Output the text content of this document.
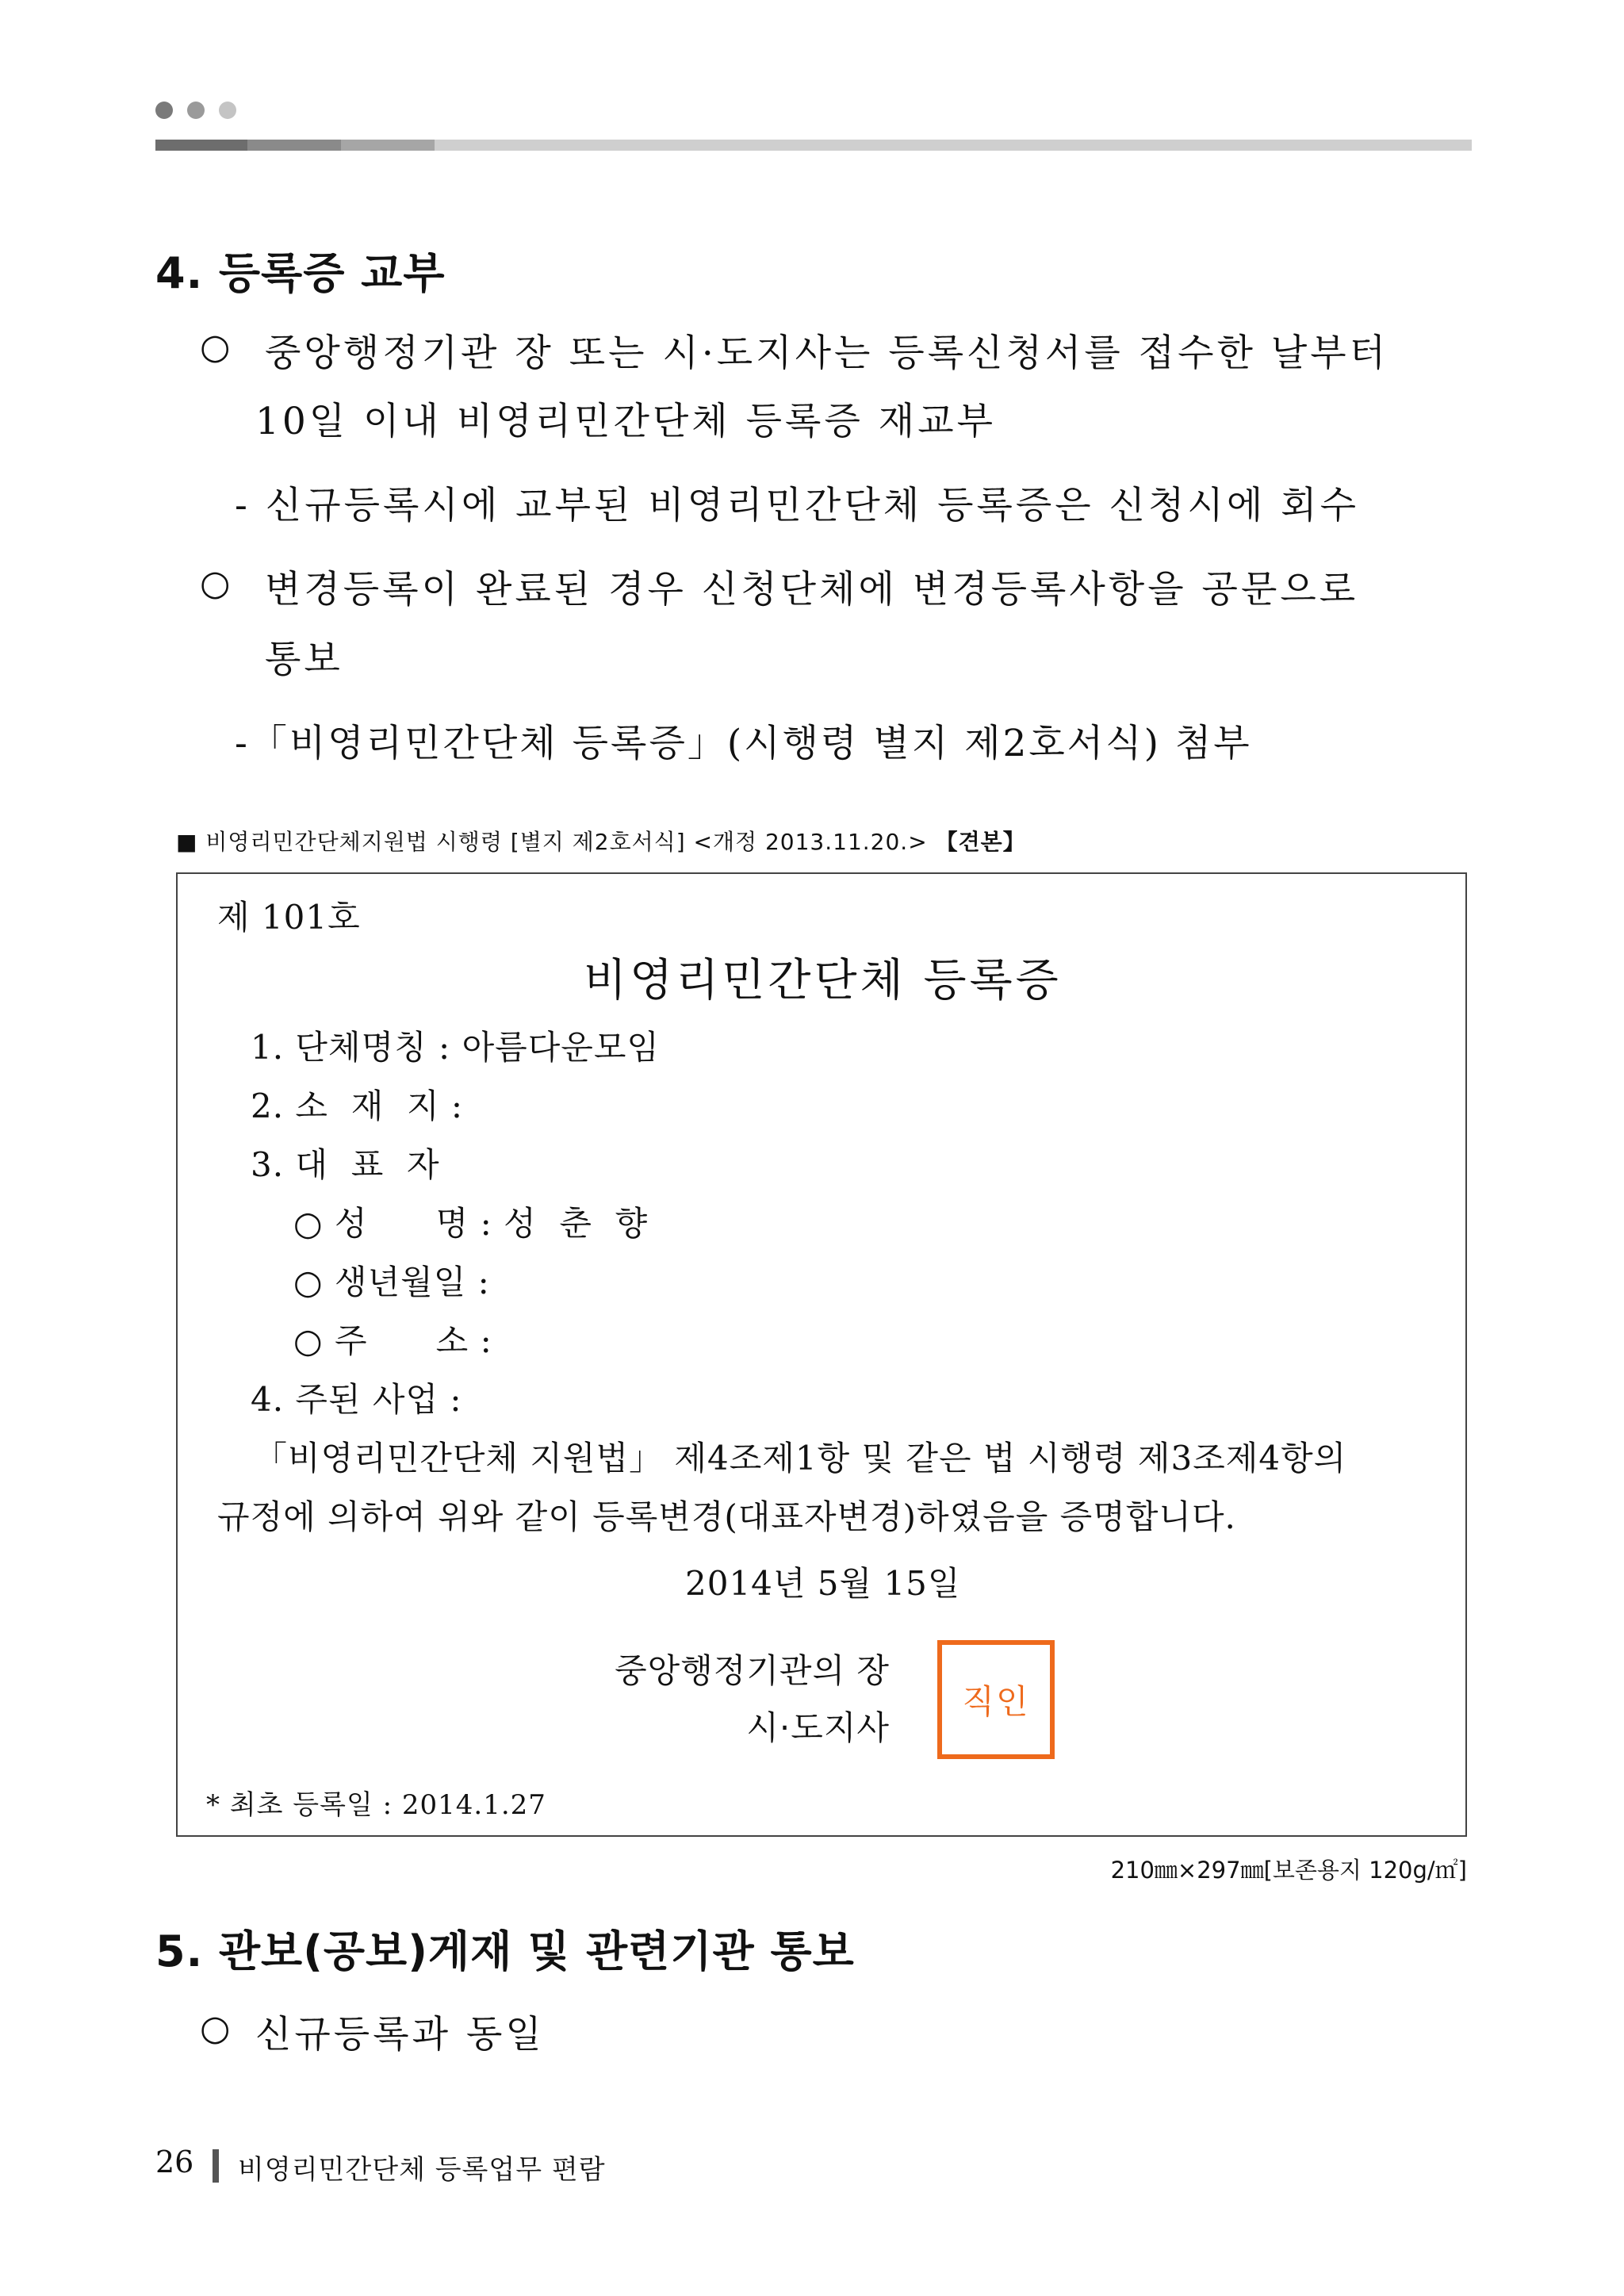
4. 등록증 교부
○ 중앙행정기관 장 또는 시·도지사는 등록신청서를 접수한 날부터
10일 이내 비영리민간단체 등록증 재교부
- 신규등록시에 교부된 비영리민간단체 등록증은 신청시에 회수
○ 변경등록이 완료된 경우 신청단체에 변경등록사항을 공문으로
통보
-「비영리민간단체 등록증」(시행령 별지 제2호서식) 첨부
■ 비영리민간단체지원법 시행령 [별지 제2호서식] <개정 2013.11.20.> 【견본】
제 101호
비영리민간단체 등록증
1. 단체명칭 : 아름다운모임
2. 소  재  지 :
3. 대  표  자
○ 성      명 : 성  춘  향
○ 생년월일 :
○ 주      소 :
4. 주된 사업 :
「비영리민간단체 지원법」 제4조제1항 및 같은 법 시행령 제3조제4항의
규정에 의하여 위와 같이 등록변경(대표자변경)하였음을 증명합니다.
2014년 5월 15일
중앙행정기관의 장
시·도지사
직인
* 최초 등록일 : 2014.1.27
210㎜×297㎜[보존용지 120g/㎡]
5. 관보(공보)게재 및 관련기관 통보
○ 신규등록과 동일
26 비영리민간단체 등록업무 편람
